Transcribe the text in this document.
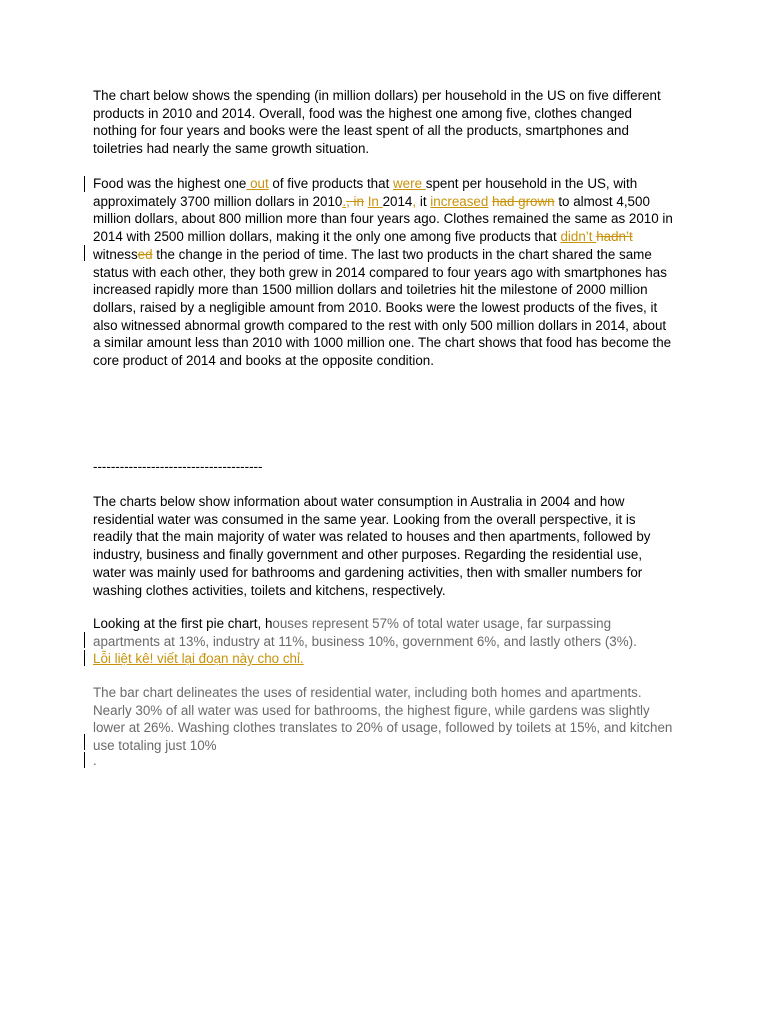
The chart below shows the spending (in million dollars) per household in the US on five different products in 2010 and 2014. Overall, food was the highest one among five, clothes changed nothing for four years and books were the least spent of all the products, smartphones and toiletries had nearly the same growth situation.

Food was the highest one out of five products that were spent per household in the US, with approximately 3700 million dollars in 2010., in In 2014, it increased had grown to almost 4,500 million dollars, about 800 million more than four years ago. Clothes remained the same as 2010 in 2014 with 2500 million dollars, making it the only one among five products that didn’t hadn’t witnessed the change in the period of time. The last two products in the chart shared the same status with each other, they both grew in 2014 compared to four years ago with smartphones has increased rapidly more than 1500 million dollars and toiletries hit the milestone of 2000 million dollars, raised by a negligible amount from 2010. Books were the lowest products of the fives, it also witnessed abnormal growth compared to the rest with only 500 million dollars in 2014, about a similar amount less than 2010 with 1000 million one. The chart shows that food has become the core product of 2014 and books at the opposite condition.

--------------------------------------

The charts below show information about water consumption in Australia in 2004 and how residential water was consumed in the same year. Looking from the overall perspective, it is readily that the main majority of water was related to houses and then apartments, followed by industry, business and finally government and other purposes. Regarding the residential use, water was mainly used for bathrooms and gardening activities, then with smaller numbers for washing clothes activities, toilets and kitchens, respectively.

Looking at the first pie chart, houses represent 57% of total water usage, far surpassing apartments at 13%, industry at 11%, business 10%, government 6%, and lastly others (3%).
Lỗi liệt kê! viết lại đoạn này cho chỉ.

The bar chart delineates the uses of residential water, including both homes and apartments. Nearly 30% of all water was used for bathrooms, the highest figure, while gardens was slightly lower at 26%. Washing clothes translates to 20% of usage, followed by toilets at 15%, and kitchen use totaling just 10%

.
